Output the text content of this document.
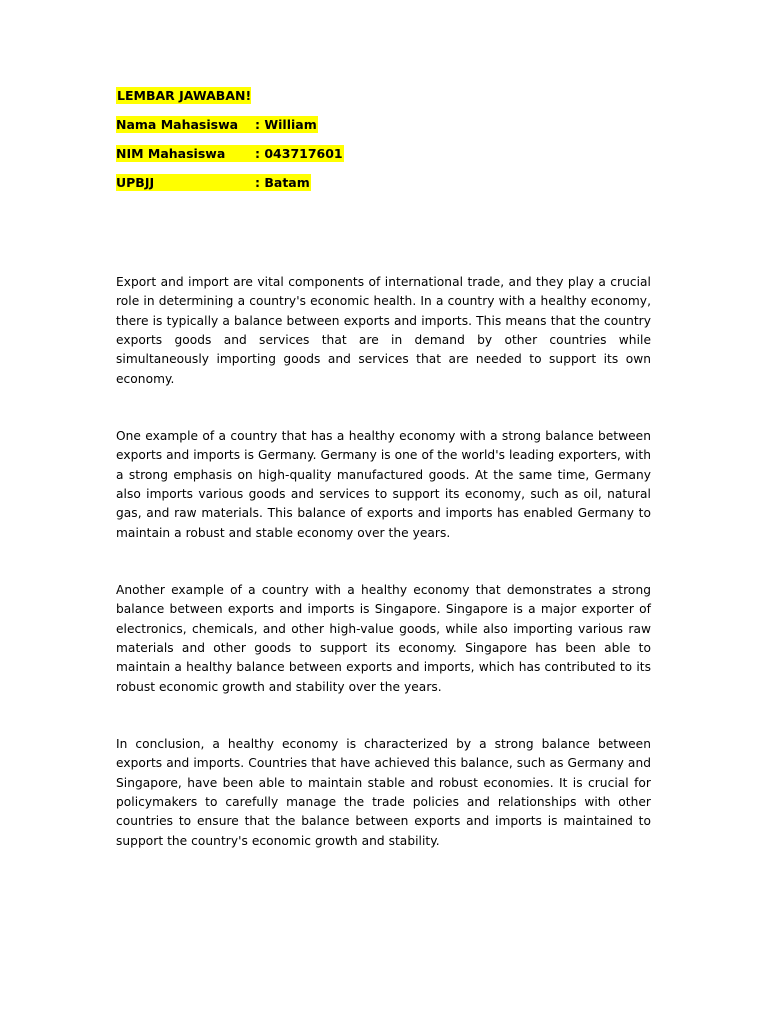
LEMBAR JAWABAN!
Nama Mahasiswa	: William
NIM Mahasiswa	: 043717601
UPBJJ	: Batam

Export and import are vital components of international trade, and they play a crucial role in determining a country's economic health. In a country with a healthy economy, there is typically a balance between exports and imports. This means that the country exports goods and services that are in demand by other countries while simultaneously importing goods and services that are needed to support its own economy.

One example of a country that has a healthy economy with a strong balance between exports and imports is Germany. Germany is one of the world's leading exporters, with a strong emphasis on high-quality manufactured goods. At the same time, Germany also imports various goods and services to support its economy, such as oil, natural gas, and raw materials. This balance of exports and imports has enabled Germany to maintain a robust and stable economy over the years.

Another example of a country with a healthy economy that demonstrates a strong balance between exports and imports is Singapore. Singapore is a major exporter of electronics, chemicals, and other high-value goods, while also importing various raw materials and other goods to support its economy. Singapore has been able to maintain a healthy balance between exports and imports, which has contributed to its robust economic growth and stability over the years.

In conclusion, a healthy economy is characterized by a strong balance between exports and imports. Countries that have achieved this balance, such as Germany and Singapore, have been able to maintain stable and robust economies. It is crucial for policymakers to carefully manage the trade policies and relationships with other countries to ensure that the balance between exports and imports is maintained to support the country's economic growth and stability.
